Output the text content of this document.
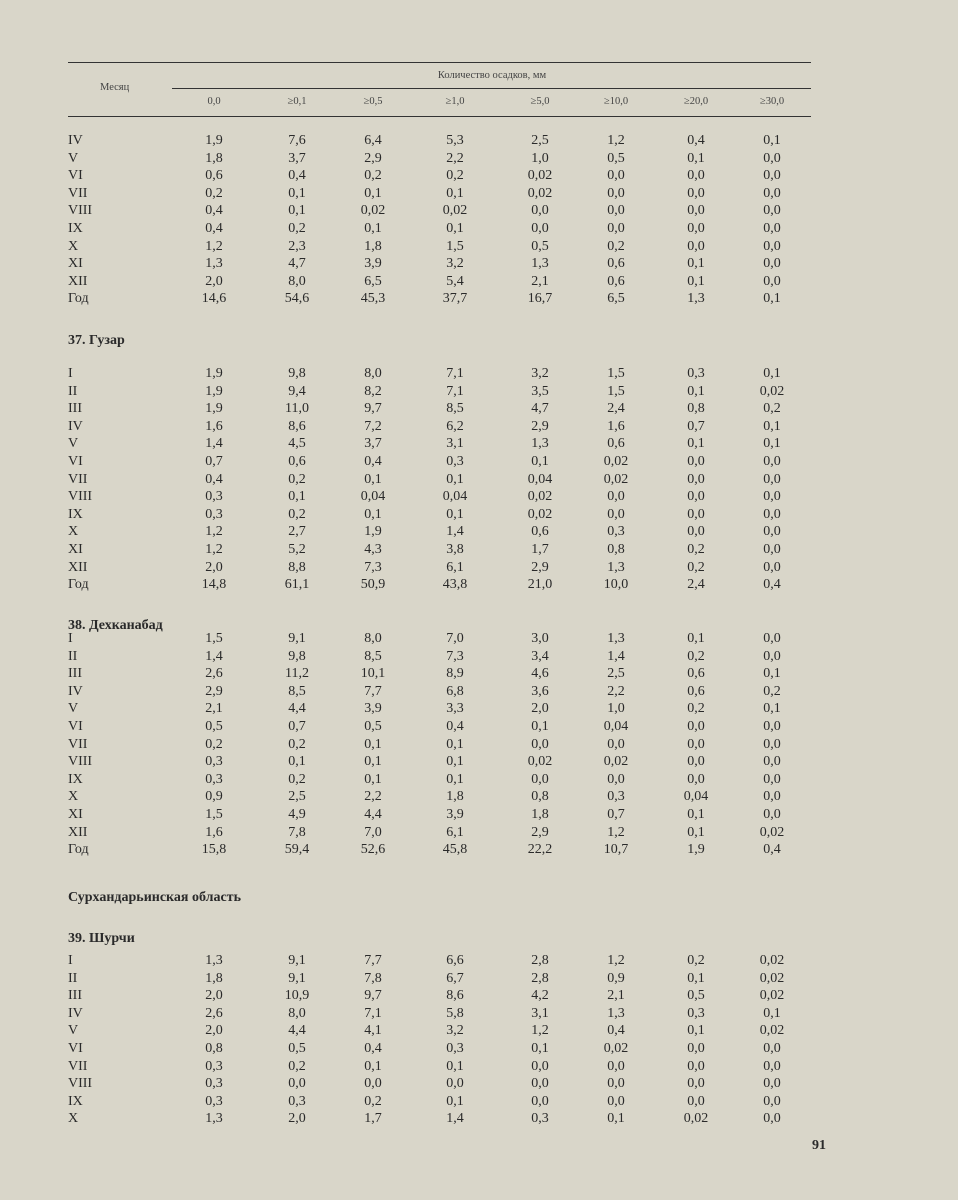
Месяц
Количество осадков, мм
0,0	≥0,1	≥0,5	≥1,0	≥5,0	≥10,0	≥20,0	≥30,0
IV	1,9	7,6	6,4	5,3	2,5	1,2	0,4	0,1
V	1,8	3,7	2,9	2,2	1,0	0,5	0,1	0,0
VI	0,6	0,4	0,2	0,2	0,02	0,0	0,0	0,0
VII	0,2	0,1	0,1	0,1	0,02	0,0	0,0	0,0
VIII	0,4	0,1	0,02	0,02	0,0	0,0	0,0	0,0
IX	0,4	0,2	0,1	0,1	0,0	0,0	0,0	0,0
X	1,2	2,3	1,8	1,5	0,5	0,2	0,0	0,0
XI	1,3	4,7	3,9	3,2	1,3	0,6	0,1	0,0
XII	2,0	8,0	6,5	5,4	2,1	0,6	0,1	0,0
Год	14,6	54,6	45,3	37,7	16,7	6,5	1,3	0,1
37. Гузар
I	1,9	9,8	8,0	7,1	3,2	1,5	0,3	0,1
II	1,9	9,4	8,2	7,1	3,5	1,5	0,1	0,02
III	1,9	11,0	9,7	8,5	4,7	2,4	0,8	0,2
IV	1,6	8,6	7,2	6,2	2,9	1,6	0,7	0,1
V	1,4	4,5	3,7	3,1	1,3	0,6	0,1	0,1
VI	0,7	0,6	0,4	0,3	0,1	0,02	0,0	0,0
VII	0,4	0,2	0,1	0,1	0,04	0,02	0,0	0,0
VIII	0,3	0,1	0,04	0,04	0,02	0,0	0,0	0,0
IX	0,3	0,2	0,1	0,1	0,02	0,0	0,0	0,0
X	1,2	2,7	1,9	1,4	0,6	0,3	0,0	0,0
XI	1,2	5,2	4,3	3,8	1,7	0,8	0,2	0,0
XII	2,0	8,8	7,3	6,1	2,9	1,3	0,2	0,0
Год	14,8	61,1	50,9	43,8	21,0	10,0	2,4	0,4
38. Дехканабад
I	1,5	9,1	8,0	7,0	3,0	1,3	0,1	0,0
II	1,4	9,8	8,5	7,3	3,4	1,4	0,2	0,0
III	2,6	11,2	10,1	8,9	4,6	2,5	0,6	0,1
IV	2,9	8,5	7,7	6,8	3,6	2,2	0,6	0,2
V	2,1	4,4	3,9	3,3	2,0	1,0	0,2	0,1
VI	0,5	0,7	0,5	0,4	0,1	0,04	0,0	0,0
VII	0,2	0,2	0,1	0,1	0,0	0,0	0,0	0,0
VIII	0,3	0,1	0,1	0,1	0,02	0,02	0,0	0,0
IX	0,3	0,2	0,1	0,1	0,0	0,0	0,0	0,0
X	0,9	2,5	2,2	1,8	0,8	0,3	0,04	0,0
XI	1,5	4,9	4,4	3,9	1,8	0,7	0,1	0,0
XII	1,6	7,8	7,0	6,1	2,9	1,2	0,1	0,02
Год	15,8	59,4	52,6	45,8	22,2	10,7	1,9	0,4
Сурхандарьинская область
39. Шурчи
I	1,3	9,1	7,7	6,6	2,8	1,2	0,2	0,02
II	1,8	9,1	7,8	6,7	2,8	0,9	0,1	0,02
III	2,0	10,9	9,7	8,6	4,2	2,1	0,5	0,02
IV	2,6	8,0	7,1	5,8	3,1	1,3	0,3	0,1
V	2,0	4,4	4,1	3,2	1,2	0,4	0,1	0,02
VI	0,8	0,5	0,4	0,3	0,1	0,02	0,0	0,0
VII	0,3	0,2	0,1	0,1	0,0	0,0	0,0	0,0
VIII	0,3	0,0	0,0	0,0	0,0	0,0	0,0	0,0
IX	0,3	0,3	0,2	0,1	0,0	0,0	0,0	0,0
X	1,3	2,0	1,7	1,4	0,3	0,1	0,02	0,0
91
